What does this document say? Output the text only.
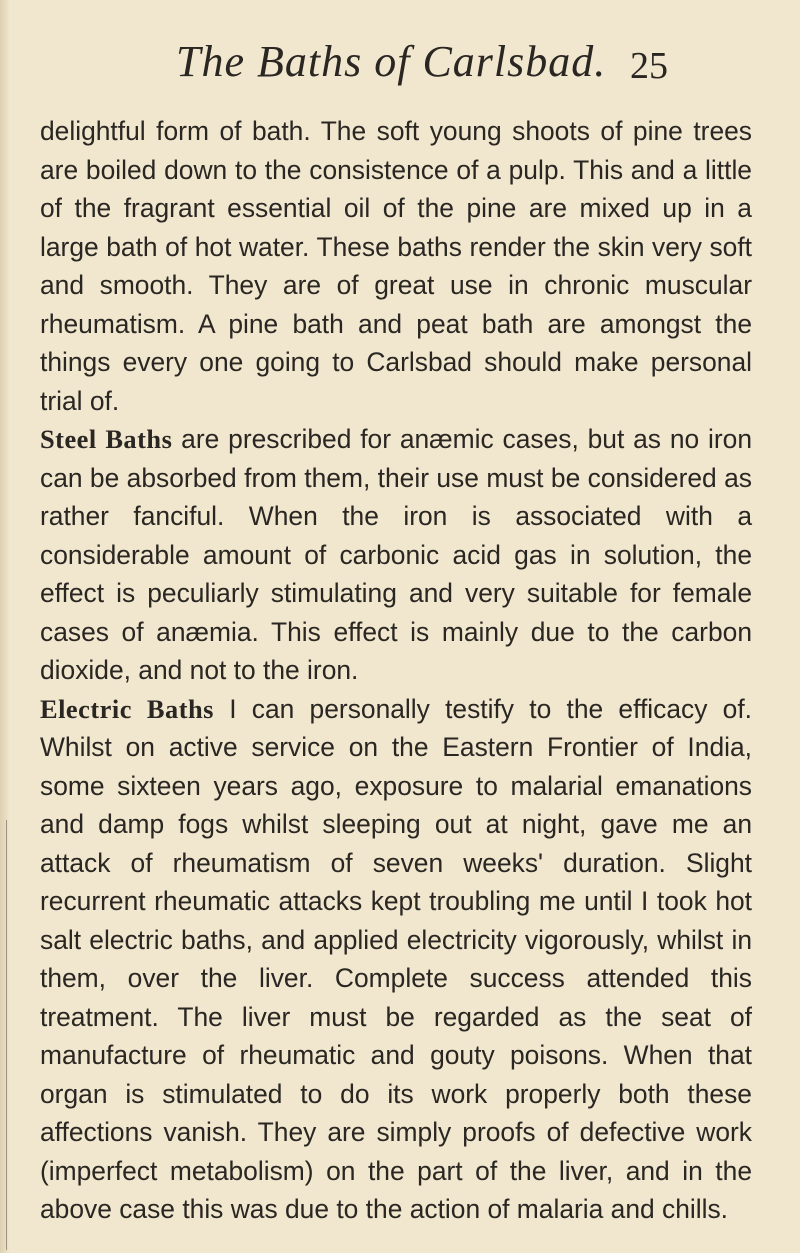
The Baths of Carlsbad. 25

delightful form of bath. The soft young shoots of pine trees are boiled down to the consistence of a pulp. This and a little of the fragrant essential oil of the pine are mixed up in a large bath of hot water. These baths render the skin very soft and smooth. They are of great use in chronic muscular rheumatism. A pine bath and peat bath are amongst the things every one going to Carlsbad should make personal trial of.

Steel Baths are prescribed for anæmic cases, but as no iron can be absorbed from them, their use must be considered as rather fanciful. When the iron is associated with a considerable amount of carbonic acid gas in solution, the effect is peculiarly stimulating and very suitable for female cases of anæmia. This effect is mainly due to the carbon dioxide, and not to the iron.

Electric Baths I can personally testify to the efficacy of. Whilst on active service on the Eastern Frontier of India, some sixteen years ago, exposure to malarial emanations and damp fogs whilst sleeping out at night, gave me an attack of rheumatism of seven weeks' duration. Slight recurrent rheumatic attacks kept troubling me until I took hot salt electric baths, and applied electricity vigorously, whilst in them, over the liver. Complete success attended this treatment. The liver must be regarded as the seat of manufacture of rheumatic and gouty poisons. When that organ is stimulated to do its work properly both these affections vanish. They are simply proofs of defective work (imperfect metabolism) on the part of the liver, and in the above case this was due to the action of malaria and chills.
